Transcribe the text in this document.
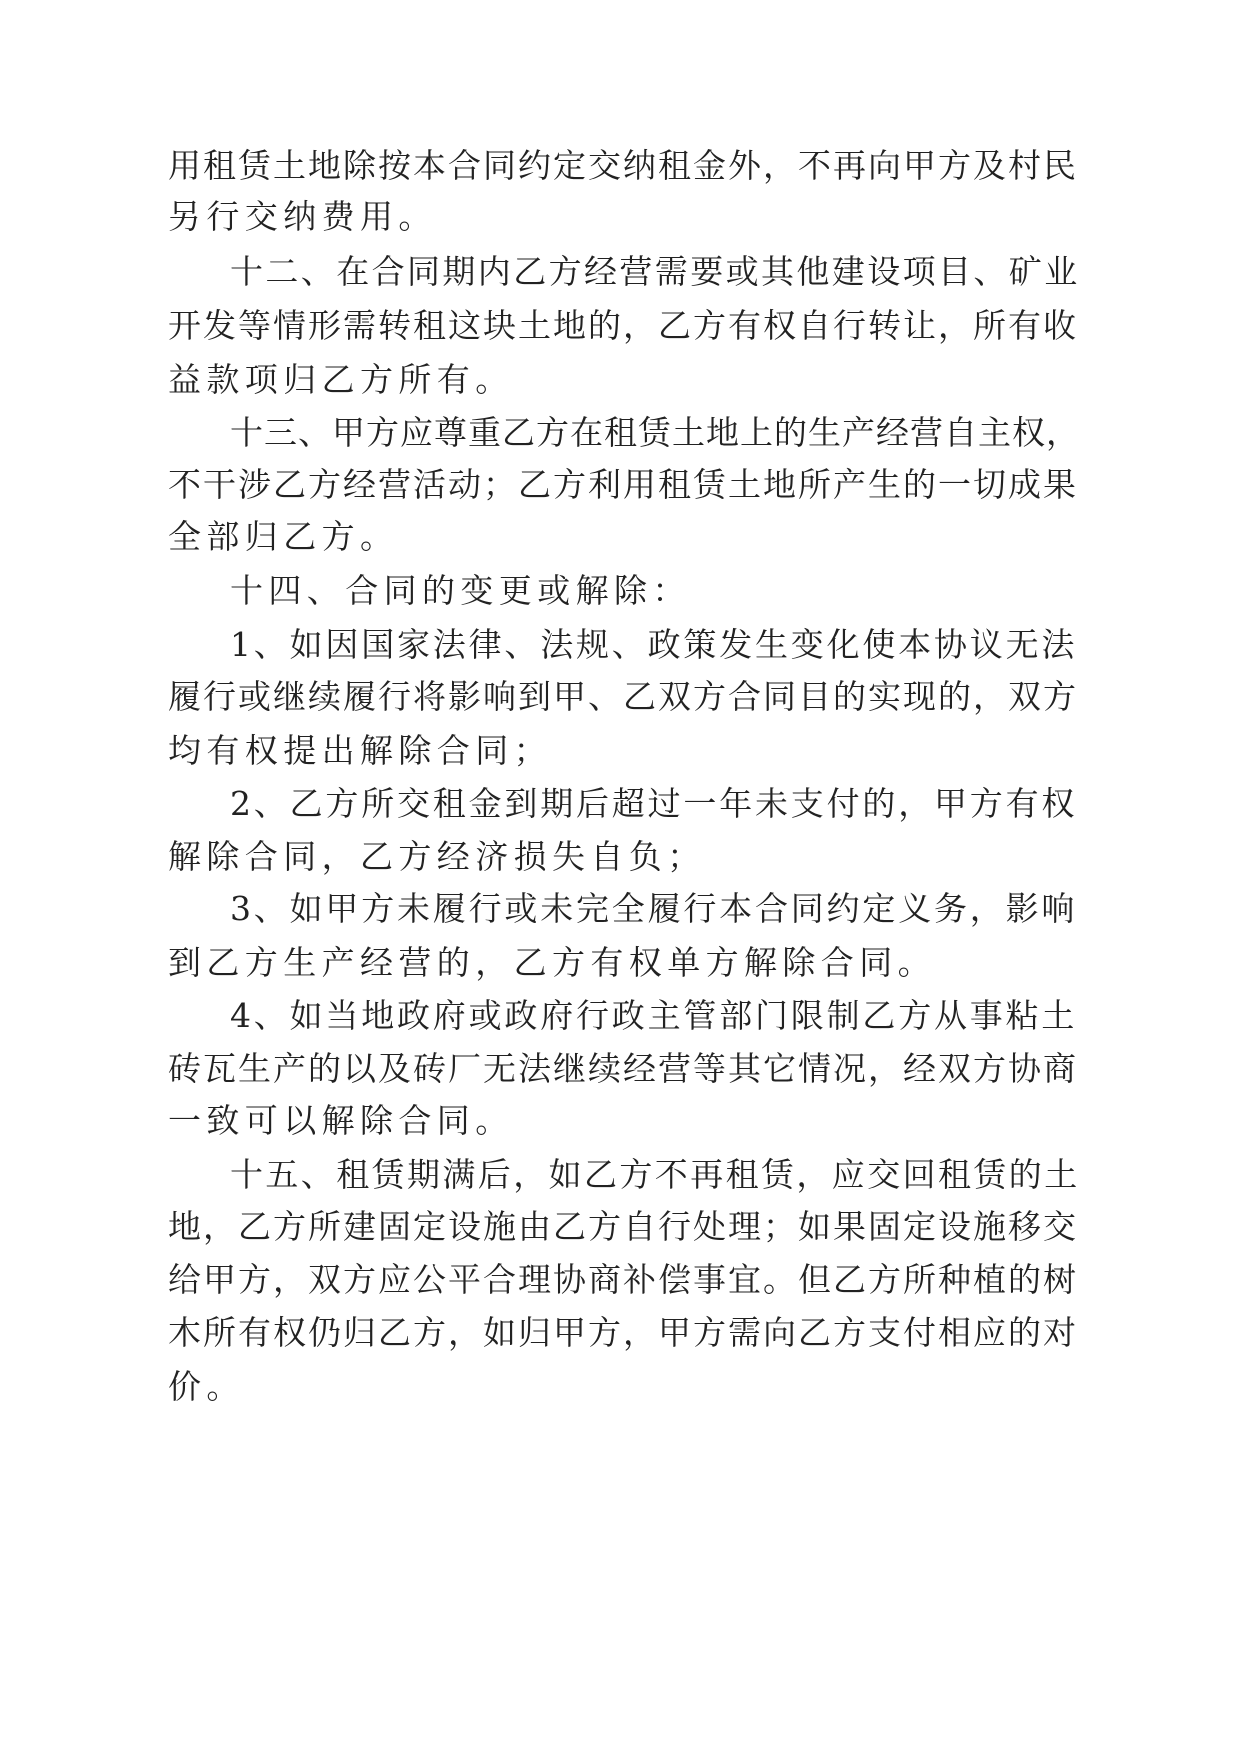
用租赁土地除按本合同约定交纳租金外，不再向甲方及村民
另行交纳费用。
十二、在合同期内乙方经营需要或其他建设项目、矿业
开发等情形需转租这块土地的，乙方有权自行转让，所有收
益款项归乙方所有。
十三、甲方应尊重乙方在租赁土地上的生产经营自主权，
不干涉乙方经营活动；乙方利用租赁土地所产生的一切成果
全部归乙方。
十四、合同的变更或解除：
1、如因国家法律、法规、政策发生变化使本协议无法
履行或继续履行将影响到甲、乙双方合同目的实现的，双方
均有权提出解除合同；
2、乙方所交租金到期后超过一年未支付的，甲方有权
解除合同，乙方经济损失自负；
3、如甲方未履行或未完全履行本合同约定义务，影响
到乙方生产经营的，乙方有权单方解除合同。
4、如当地政府或政府行政主管部门限制乙方从事粘土
砖瓦生产的以及砖厂无法继续经营等其它情况，经双方协商
一致可以解除合同。
十五、租赁期满后，如乙方不再租赁，应交回租赁的土
地，乙方所建固定设施由乙方自行处理；如果固定设施移交
给甲方，双方应公平合理协商补偿事宜。但乙方所种植的树
木所有权仍归乙方，如归甲方，甲方需向乙方支付相应的对
价。
